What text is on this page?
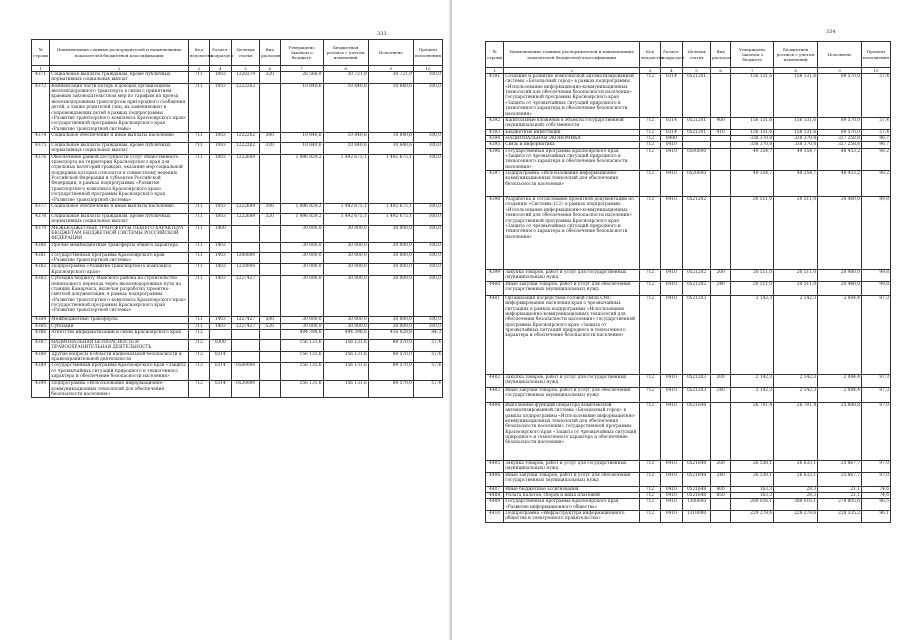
333
№ строки	Наименование главных распорядителей и наименование показателей бюджетной классификации	Код ведомства	Раздел-подраздел	Целевая статья	Вид расходов	Утверждено Законом о бюджете	Бюджетная роспись с учетом изменений	Исполнено	Процент исполнения
1	2	3	4	5	6	7	8	9	10
4371	Социальные выплаты гражданам, кроме публичных нормативных социальных выплат	711	1003	1220279	320	26 566,9	30 721,9	30 721,9	100,0
4372	Компенсация части потерь в доходах организациям железнодорожного транспорта в связи с принятием краевым законодательством мер по тарифам на проезд железнодорожным транспортом пригородного сообщения детей, а также родителей (лиц, их заменяющих) и сопровождающих детей в рамках подпрограммы «Развитие транспортного комплекса Красноярского края» государственной программы Красноярского края «Развитие транспортной системы»	711	1003	1222262		10 840,6	10 840,6	10 840,6	100,0
4374	Социальное обеспечение и иные выплаты населению	711	1003	1222262	300	10 840,6	10 840,6	10 840,6	100,0
4375	Социальные выплаты гражданам, кроме публичных нормативных социальных выплат	711	1003	1222262	320	10 840,6	10 840,6	10 840,6	100,0
4376	Обеспечение равной доступности услуг общественного транспорта на территории Красноярского края для отдельных категорий граждан, оказание мер социальной поддержки которых относится к совместному ведению Российской Федерации и субъектов Российской Федерации, в рамках подпрограммы «Развитие транспортного комплекса Красноярского края» государственной программы Красноярского края «Развитие транспортной системы»	711	1003	1222689		1 496 829,2	1 492 675,1	1 492 675,1	100,0
4377	Социальное обеспечение и иные выплаты населению	711	1003	1222689	300	1 496 829,2	1 492 675,1	1 492 675,1	100,0
4378	Социальные выплаты гражданам, кроме публичных нормативных социальных выплат	711	1003	1222689	320	1 496 829,2	1 492 675,1	1 492 675,1	100,0
4379	МЕЖБЮДЖЕТНЫЕ ТРАНСФЕРТЫ ОБЩЕГО ХАРАКТЕРА БЮДЖЕТАМ БЮДЖЕТНОЙ СИСТЕМЫ РОССИЙСКОЙ ФЕДЕРАЦИИ	711	1400			30 000,0	30 000,0	30 000,0	100,0
4380	Прочие межбюджетные трансферты общего характера	711	1403			30 000,0	30 000,0	30 000,0	100,0
4381	Государственная программа Красноярского края «Развитие транспортной системы»	711	1403	1200000		30 000,0	30 000,0	30 000,0	100,0
4382	Подпрограмма «Развитие транспортного комплекса Красноярского края»	711	1403	1220000		30 000,0	30 000,0	30 000,0	100,0
4383	Субсидия бюджету Манского района на строительство пешеходного перехода через железнодорожные пути на станции Камарчага, включая разработку проектно-сметной документации, в рамках подпрограммы «Развитие транспортного комплекса Красноярского края» государственной программы Красноярского края «Развитие транспортной системы»	711	1403	1227427		30 000,0	30 000,0	30 000,0	100,0
4384	Межбюджетные трансферты	711	1403	1227427	500	30 000,0	30 000,0	30 000,0	100,0
4385	Субсидии	711	1403	1227427	520	30 000,0	30 000,0	30 000,0	100,0
4386	Агентство информатизации и связи Красноярского края	712				494 398,6	494 398,6	416 828,8	84,3
4387	НАЦИОНАЛЬНАЯ БЕЗОПАСНОСТЬ И ПРАВООХРАНИТЕЛЬНАЯ ДЕЯТЕЛЬНОСТЬ	712	0300			156 131,6	156 131,6	89 570,0	57,4
4388	Другие вопросы в области национальной безопасности и правоохранительной деятельности	712	0314			156 131,6	156 131,6	89 570,0	57,4
4389	Государственная программа Красноярского края «Защита от чрезвычайных ситуаций природного и техногенного характера и обеспечение безопасности населения»	712	0314	0500000		156 131,6	156 131,6	89 570,0	57,4
4390	Подпрограмма «Использование информационно-коммуникационных технологий для обеспечения безопасности населения»	712	0314	0520000		156 131,6	156 131,6	89 570,0	57,4
334
№ строки	Наименование главных распорядителей и наименование показателей бюджетной классификации	Код ведомства	Раздел-подраздел	Целевая статья	Вид расходов	Утверждено Законом о бюджете	Бюджетная роспись с учетом изменений	Исполнено	Процент исполнения
1	2	3	4	5	6	7	8	9	10
4391	Создание и развитие комплексной автоматизированной системы «Безопасный город» в рамках подпрограммы «Использование информационно-коммуникационных технологий для обеспечения безопасности населения» государственной программы Красноярского края «Защита от чрезвычайных ситуаций природного и техногенного характера и обеспечение безопасности населения»	712	0314	0521201		156 131,6	156 131,6	89 570,0	57,4
4392	Капитальные вложения в объекты государственной (муниципальной) собственности	712	0314	0521201	400	156 131,6	156 131,6	89 570,0	57,4
4393	Бюджетные инвестиции	712	0314	0521201	410	156 131,6	156 131,6	89 570,0	57,4
4394	НАЦИОНАЛЬНАЯ ЭКОНОМИКА	712	0400			338 370,8	338 370,8	327 258,8	96,7
4395	Связь и информатика	712	0410			338 370,8	338 370,8	327 258,8	96,7
4396	Государственная программа Красноярского края «Защита от чрезвычайных ситуаций природного и техногенного характера и обеспечение безопасности населения»	712	0410	0500000		49 354,7	49 354,7	48 453,2	98,2
4397	Подпрограмма «Использование информационно-коммуникационных технологий для обеспечения безопасности населения»	712	0410	0520000		49 354,7	49 354,7	48 453,2	98,2
4398	Разработка и согласование проектной документации по созданию «Системы-112» в рамках подпрограммы «Использование информационно-коммуникационных технологий для обеспечения безопасности населения» государственной программы Красноярского края «Защита от чрезвычайных ситуаций природного и техногенного характера и обеспечение безопасности населения»	712	0410	0521202		20 511,0	20 511,0	20 480,0	99,8
4399	Закупка товаров, работ и услуг для государственных (муниципальных) нужд	712	0410	0521202	200	20 511,0	20 511,0	20 480,0	99,8
4400	Иные закупки товаров, работ и услуг для обеспечения государственных (муниципальных) нужд	712	0410	0521202	240	20 511,0	20 511,0	20 480,0	99,8
4401	Организация посредством сотовой связи СМС информирования населения края о чрезвычайных ситуациях в рамках подпрограммы «Использование информационно-коммуникационных технологий для обеспечения безопасности населения» государственной программы Красноярского края «Защита от чрезвычайных ситуаций природного и техногенного характера и обеспечение безопасности населения»	712	0410	0521203		2 142,3	2 142,3	2 084,4	97,3
4402	Закупка товаров, работ и услуг для государственных (муниципальных) нужд	712	0410	0521203	200	2 142,3	2 142,3	2 084,4	97,3
4403	Иные закупки товаров, работ и услуг для обеспечения государственных (муниципальных) нужд	712	0410	0521203	240	2 142,3	2 142,3	2 084,4	97,3
4404	Выполнение функций оператора комплексной автоматизированной системы «Безопасный город» в рамках подпрограммы «Использование информационно-коммуникационных технологий для обеспечения безопасности населения» государственной программы Красноярского края «Защита от чрезвычайных ситуаций природного и техногенного характера и обеспечение безопасности населения»	712	0410	0521648		26 701,4	26 701,4	25 888,8	97,0
4405	Закупка товаров, работ и услуг для государственных (муниципальных) нужд	712	0410	0521648	200	26 538,1	26 633,1	25 867,7	97,0
4406	Иные закупки товаров, работ и услуг для обеспечения государственных (муниципальных) нужд	712	0410	0521648	240	26 538,1	26 633,1	25 867,7	97,0
4407	Иные бюджетные ассигнования	712	0410	0521648	800	163,3	28,3	21,1	74,6
4408	Уплата налогов, сборов и иных платежей	712	0410	0521648	850	163,3	28,3	21,1	74,6
4409	Государственная программа Красноярского края «Развитие информационного общества»	712	0410	1300000		289 016,1	289 016,1	278 805,6	96,5
4410	Подпрограмма «Инфраструктура информационного общества и электронного правительства»	712	0410	1310000		229 278,6	229 278,6	228 335,2	96,1
